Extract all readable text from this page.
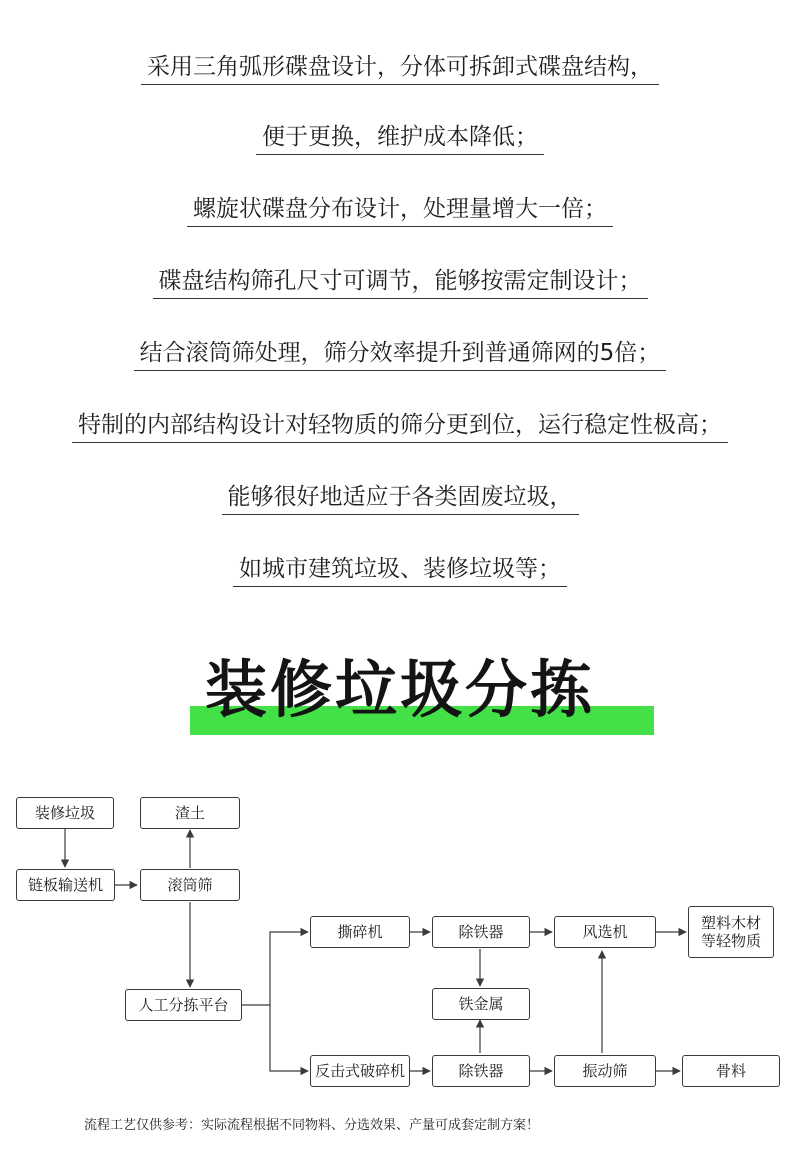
采用三角弧形碟盘设计，分体可拆卸式碟盘结构，
便于更换，维护成本降低；
螺旋状碟盘分布设计，处理量增大一倍；
碟盘结构筛孔尺寸可调节，能够按需定制设计；
结合滚筒筛处理，筛分效率提升到普通筛网的5倍；
特制的内部结构设计对轻物质的筛分更到位，运行稳定性极高；
能够很好地适应于各类固废垃圾，
如城市建筑垃圾、装修垃圾等；
装修垃圾分拣
装修垃圾	渣土
链板输送机	滚筒筛
人工分拣平台
撕碎机	除铁器	风选机	塑料木材
等轻物质
铁金属
反击式破碎机	除铁器	振动筛	骨料
流程工艺仅供参考：实际流程根据不同物料、分选效果、产量可成套定制方案！
